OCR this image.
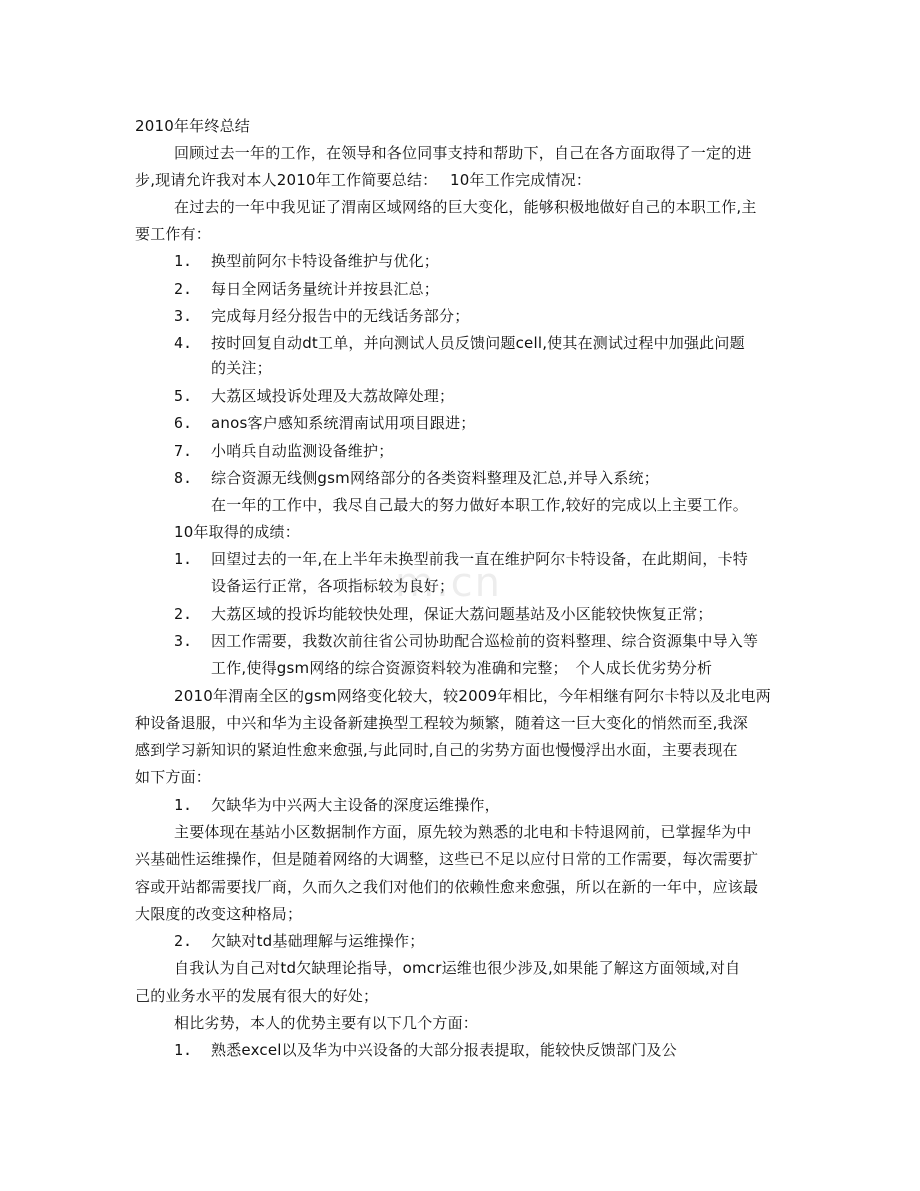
m.cn
2010年年终总结
回顾过去一年的工作，在领导和各位同事支持和帮助下，自己在各方面取得了一定的进
步,现请允许我对本人2010年工作简要总结：　 10年工作完成情况：
在过去的一年中我见证了渭南区域网络的巨大变化，能够积极地做好自己的本职工作,主
要工作有：
1. 换型前阿尔卡特设备维护与优化；
2. 每日全网话务量统计并按县汇总；
3. 完成每月经分报告中的无线话务部分；
4. 按时回复自动dt工单，并向测试人员反馈问题cell,使其在测试过程中加强此问题
的关注；
5. 大荔区域投诉处理及大荔故障处理；
6. anos客户感知系统渭南试用项目跟进；
7. 小哨兵自动监测设备维护；
8. 综合资源无线侧gsm网络部分的各类资料整理及汇总,并导入系统；
在一年的工作中，我尽自己最大的努力做好本职工作,较好的完成以上主要工作。
10年取得的成绩：
1. 回望过去的一年,在上半年未换型前我一直在维护阿尔卡特设备，在此期间，卡特
设备运行正常，各项指标较为良好；
2. 大荔区域的投诉均能较快处理，保证大荔问题基站及小区能较快恢复正常；
3. 因工作需要，我数次前往省公司协助配合巡检前的资料整理、综合资源集中导入等
工作,使得gsm网络的综合资源资料较为准确和完整；　个人成长优劣势分析
2010年渭南全区的gsm网络变化较大，较2009年相比，今年相继有阿尔卡特以及北电两
种设备退服，中兴和华为主设备新建换型工程较为频繁，随着这一巨大变化的悄然而至,我深
感到学习新知识的紧迫性愈来愈强,与此同时,自己的劣势方面也慢慢浮出水面，主要表现在
如下方面：
1. 欠缺华为中兴两大主设备的深度运维操作，
主要体现在基站小区数据制作方面，原先较为熟悉的北电和卡特退网前，已掌握华为中
兴基础性运维操作，但是随着网络的大调整，这些已不足以应付日常的工作需要，每次需要扩
容或开站都需要找厂商，久而久之我们对他们的依赖性愈来愈强，所以在新的一年中，应该最
大限度的改变这种格局；
2. 欠缺对td基础理解与运维操作；
自我认为自己对td欠缺理论指导，omcr运维也很少涉及,如果能了解这方面领域,对自
己的业务水平的发展有很大的好处；
相比劣势，本人的优势主要有以下几个方面：
1. 熟悉excel以及华为中兴设备的大部分报表提取，能较快反馈部门及公
